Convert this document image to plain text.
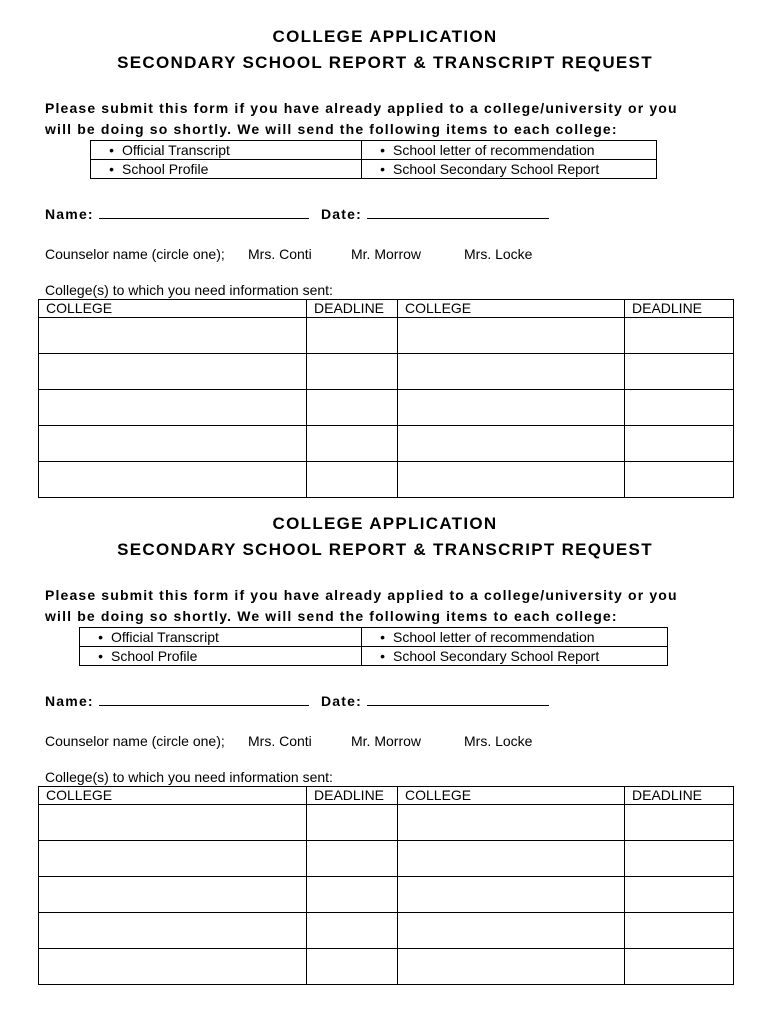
COLLEGE APPLICATION
SECONDARY SCHOOL REPORT & TRANSCRIPT REQUEST

Please submit this form if you have already applied to a college/university or you
will be doing so shortly. We will send the following items to each college:

• Official Transcript	• School letter of recommendation
• School Profile	• School Secondary School Report
Name:	Date:
Counselor name (circle one); Mrs. Conti	Mr. Morrow	Mrs. Locke
College(s) to which you need information sent:
COLLEGE	DEADLINE	COLLEGE	DEADLINE

COLLEGE APPLICATION
SECONDARY SCHOOL REPORT & TRANSCRIPT REQUEST

Please submit this form if you have already applied to a college/university or you
will be doing so shortly. We will send the following items to each college:

• Official Transcript	• School letter of recommendation
• School Profile	• School Secondary School Report
Name:	Date:
Counselor name (circle one); Mrs. Conti	Mr. Morrow	Mrs. Locke
College(s) to which you need information sent:
COLLEGE	DEADLINE	COLLEGE	DEADLINE
